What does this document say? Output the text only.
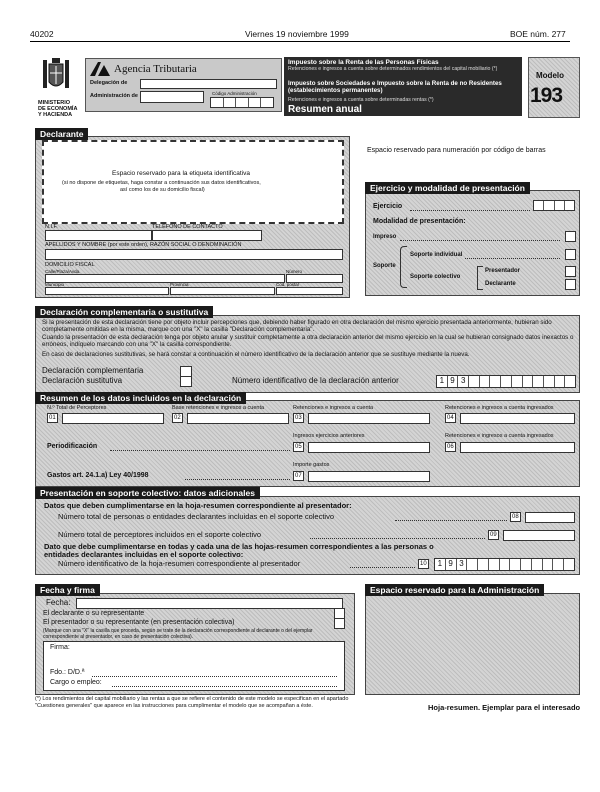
40202	Viernes 19 noviembre 1999	BOE núm. 277
MINISTERIO
DE ECONOMÍA
Y HACIENDA
Agencia Tributaria
Delegación de
Administración de	Código Administración
Impuesto sobre la Renta de las Personas Físicas
Retenciones e ingresos a cuenta sobre determinados rendimientos del capital mobiliario (*)
Impuesto sobre Sociedades e Impuesto sobre la Renta de no Residentes (establecimientos permanentes)
Retenciones e ingresos a cuenta sobre determinadas rentas (*)
Resumen anual
Modelo
193
Declarante
Espacio reservado para la etiqueta identificativa
(si no dispone de etiquetas, haga constar a continuación sus datos identificativos,
así como los de su domicilio fiscal)
N.I.F.	TELÉFONO DE CONTACTO
APELLIDOS Y NOMBRE (por este orden), RAZÓN SOCIAL O DENOMINACIÓN
DOMICILIO FISCAL
Calle/Plaza/Avda.	Número
Municipio	Provincia	Cód. postal
Espacio reservado para numeración por código de barras
Ejercicio y modalidad de presentación
Ejercicio
Modalidad de presentación:
Impreso
Soporte
Soporte individual
Soporte colectivo
Presentador
Declarante
Declaración complementaria o sustitutiva
Si la presentación de esta declaración tiene por objeto incluir percepciones que, debiendo haber figurado en otra declaración del mismo ejercicio presentada anteriormente, hubieran sido completamente omitidas en la misma, marque con una "X" la casilla "Declaración complementaria".
Cuando la presentación de esta declaración tenga por objeto anular y sustituir completamente a otra declaración anterior del mismo ejercicio en la cual se hubieran consignado datos inexactos o erróneos, indíquelo marcando con una "X" la casilla correspondiente.
En caso de declaraciones sustitutivas, se hará constar a continuación el número identificativo de la declaración anterior que se sustituye mediante la nueva.
Declaración complementaria
Declaración sustitutiva	Número identificativo de la declaración anterior	1 9 3
Resumen de los datos incluidos en la declaración
N.º Total de Perceptores
01
Base retenciones e ingresos a cuenta
02
Retenciones e ingresos a cuenta
03
Retenciones e ingresos a cuenta ingresados
04
Ingresos ejercicios anteriores
Periodificación	05
Retenciones e ingresos a cuenta ingresados
06
Importe gastos
Gastos art. 24.1.a) Ley 40/1998	07
Presentación en soporte colectivo: datos adicionales
Datos que deben cumplimentarse en la hoja-resumen correspondiente al presentador:
Número total de personas o entidades declarantes incluidas en el soporte colectivo	08
Número total de perceptores incluidos en el soporte colectivo	09
Dato que debe cumplimentarse en todas y cada una de las hojas-resumen correspondientes a las personas o entidades declarantes incluidas en el soporte colectivo:
Número identificativo de la hoja-resumen correspondiente al presentador	10	1 9 3
Fecha y firma
Fecha:
El declarante o su representante
El presentador o su representante (en presentación colectiva)
(Marque con una "X" la casilla que proceda, según se trate de la declaración correspondiente al declarante o del ejemplar correspondiente al presentador, en caso de presentación colectiva).
Firma:
Fdo.: D/D.ª
Cargo o empleo:
Espacio reservado para la Administración
(*) Los rendimientos del capital mobiliario y las rentas a que se refiere el contenido de este modelo se especifican en el apartado "Cuestiones generales" que aparece en las instrucciones para cumplimentar el modelo que se acompañan a éste.	Hoja-resumen. Ejemplar para el interesado
